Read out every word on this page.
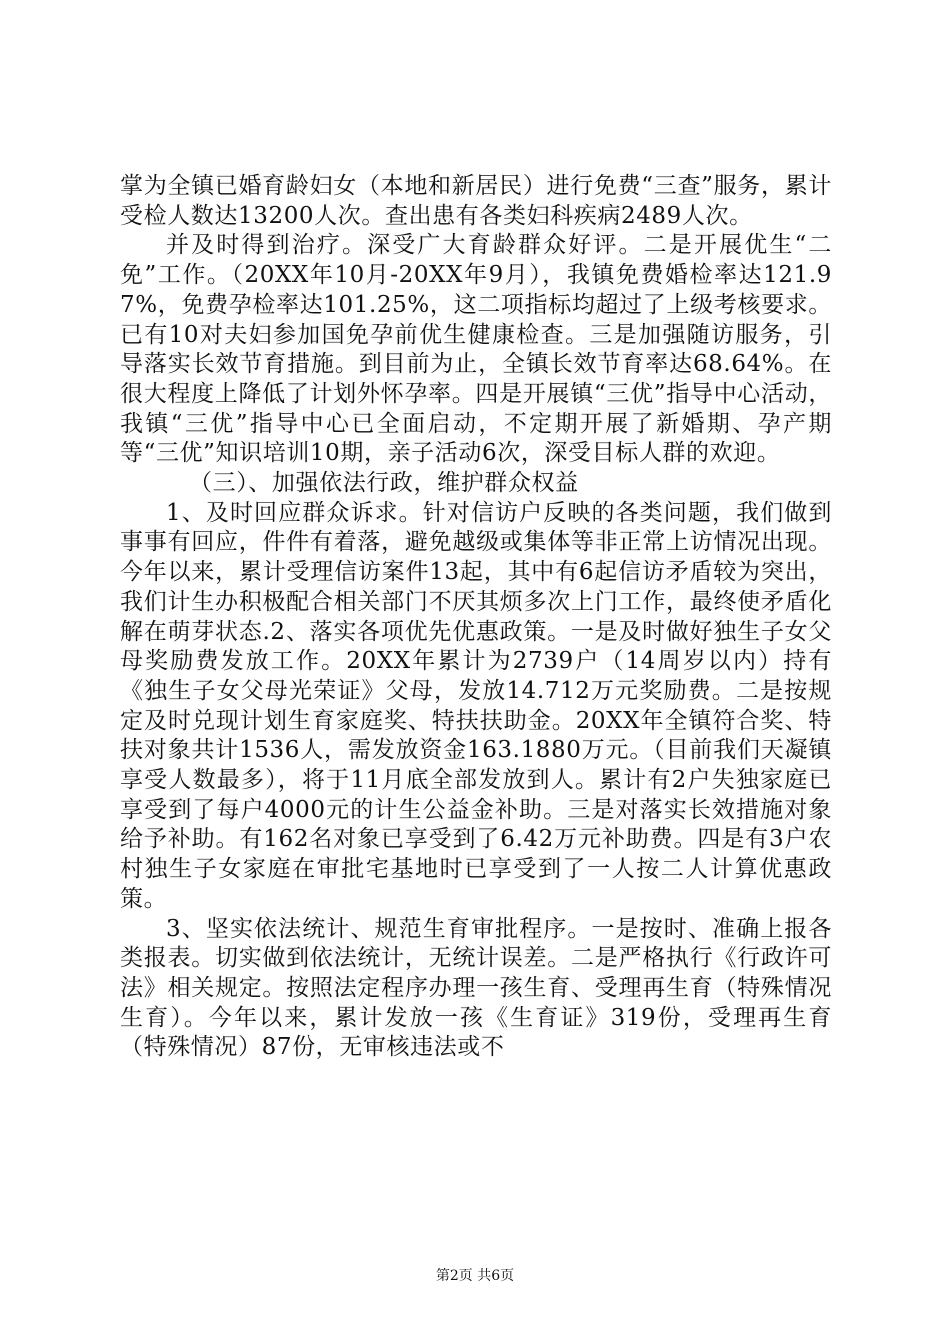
掌为全镇已婚育龄妇女（本地和新居民）进行免费“三查”服务，累计受检人数达13200人次。查出患有各类妇科疾病2489人次。

并及时得到治疗。深受广大育龄群众好评。二是开展优生“二免”工作。（20XX年10月-20XX年9月），我镇免费婚检率达121.97%，免费孕检率达101.25%，这二项指标均超过了上级考核要求。已有10对夫妇参加国免孕前优生健康检查。三是加强随访服务，引导落实长效节育措施。到目前为止，全镇长效节育率达68.64%。在很大程度上降低了计划外怀孕率。四是开展镇“三优”指导中心活动，我镇“三优”指导中心已全面启动，不定期开展了新婚期、孕产期等“三优”知识培训10期，亲子活动6次，深受目标人群的欢迎。

（三）、加强依法行政，维护群众权益

1、及时回应群众诉求。针对信访户反映的各类问题，我们做到事事有回应，件件有着落，避免越级或集体等非正常上访情况出现。今年以来，累计受理信访案件13起，其中有6起信访矛盾较为突出，我们计生办积极配合相关部门不厌其烦多次上门工作，最终使矛盾化解在萌芽状态.2、落实各项优先优惠政策。一是及时做好独生子女父母奖励费发放工作。20XX年累计为2739户（14周岁以内）持有《独生子女父母光荣证》父母，发放14.712万元奖励费。二是按规定及时兑现计划生育家庭奖、特扶扶助金。20XX年全镇符合奖、特扶对象共计1536人，需发放资金163.1880万元。（目前我们天凝镇享受人数最多），将于11月底全部发放到人。累计有2户失独家庭已享受到了每户4000元的计生公益金补助。三是对落实长效措施对象给予补助。有162名对象已享受到了6.42万元补助费。四是有3户农村独生子女家庭在审批宅基地时已享受到了一人按二人计算优惠政策。

3、坚实依法统计、规范生育审批程序。一是按时、准确上报各类报表。切实做到依法统计，无统计误差。二是严格执行《行政许可法》相关规定。按照法定程序办理一孩生育、受理再生育（特殊情况生育）。今年以来，累计发放一孩《生育证》319份，受理再生育（特殊情况）87份，无审核违法或不

第2页 共6页
